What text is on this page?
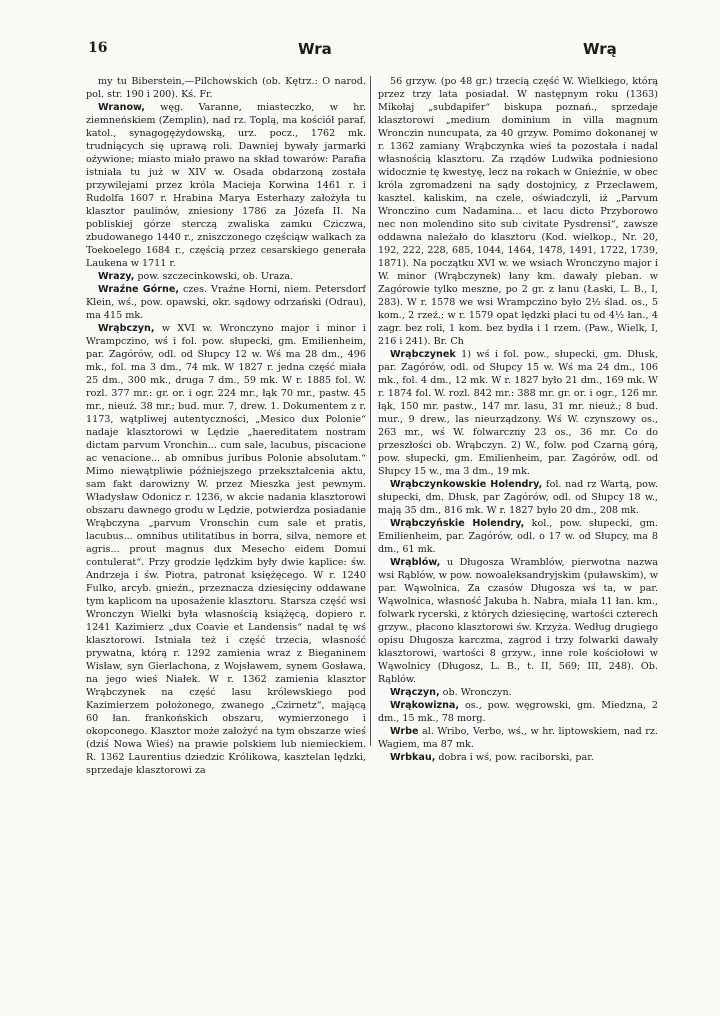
16	Wra	Wrą

my tu Biberstein,—Pilchowskich (ob. Kętrz.: O narod. pol. str. 190 i 200). Kś. Fr.

Wranow, węg. Varanne, miasteczko, w hr. ziemneńskiem (Zemplin), nad rz. Toplą, ma kościół paraf. katol., synagogężydowską, urz. pocz., 1762 mk. trudniących się uprawą roli. Dawniej bywały jarmarki ożywione; miasto miało prawo na skład towarów: Parafia istniała tu już w XIV w. Osada obdarzoną została przywilejami przez króla Macieja Korwina 1461 r. i Rudolfa 1607 r. Hrabina Marya Esterhazy założyła tu klasztor paulinów, zniesiony 1786 za Józefa II. Na pobliskiej górze sterczą zwaliska zamku Cziczwa, zbudowanego 1440 r., zniszczonego częściąw walkach za Toekoelego 1684 r., częścią przez cesarskiego generała Laukena w 1711 r.

Wrazy, pow. szczecinkowski, ob. Uraza.

Wraźne Górne, czes. Vraźne Horni, niem. Petersdorf Klein, wś., pow. opawski, okr. sądowy odrzański (Odrau), ma 415 mk.

Wrąbczyn, w XVI w. Wronczyno major i minor i Wrampczino, wś i fol. pow. słupecki, gm. Emilienheim, par. Zagórów, odl. od Słupcy 12 w. Wś ma 28 dm., 496 mk., fol. ma 3 dm., 74 mk. W 1827 r. jedna część miała 25 dm., 300 mk., druga 7 dm., 59 mk. W r. 1885 fol. W. rozl. 377 mr.: gr. or. i ogr. 224 mr., łąk 70 mr., pastw. 45 mr., nieuż. 38 mr.; bud. mur. 7, drew. 1. Dokumentem z r. 1173, wątpliwej autentyczności, „Mesico dux Polonie“ nadaje klasztorowi w Lędzie „haereditatem nostram dictam parvum Vronchin... cum sale, lacubus, piscacione ac venacione... ab omnibus juribus Polonie absolutam.“ Mimo niewątpliwie późniejszego przekształcenia aktu, sam fakt darowizny W. przez Mieszka jest pewnym. Władysław Odonicz r. 1236, w akcie nadania klasztorowi obszaru dawnego grodu w Lędzie, potwierdza posiadanie Wrąbczyna „parvum Vronschin cum sale et pratis, lacubus... omnibus utilitatibus in borra, silva, nemore et agris... prout magnus dux Mesecho eidem Domui contulerat“. Przy grodzie lędzkim były dwie kaplice: św. Andrzeja i św. Piotra, patronat księżęcego. W r. 1240 Fulko, arcyb. gnieźn., przeznacza dziesięciny oddawane tym kaplicom na uposażenie klasztoru. Starsza część wsi Wronczyn Wielki była własnością książęcą, dopiero r. 1241 Kazimierz „dux Coavie et Landensis“ nadał tę wś klasztorowi. Istniała też i część trzecia, własność prywatna, którą r. 1292 zamienia wraz z Bieganinem Wisław, syn Gierlachona, z Wojsławem, synem Gosława, na jego wieś Niałek. W r. 1362 zamienia klasztor Wrąbczynek na część lasu królewskiego pod Kazimierzem położonego, zwanego „Czirnetz“, mającą 60 łan. frankońskich obszaru, wymierzonego i okopconego. Klasztor może założyć na tym obszarze wieś (dziś Nowa Wieś) na prawie polskiem lub niemieckiem. R. 1362 Laurentius dziedzic Królikowa, kasztelan lędzki, sprzedaje klasztorowi za

56 grzyw. (po 48 gr.) trzecią część W. Wielkiego, którą przez trzy lata posiadał. W następnym roku (1363) Mikołaj „subdapifer“ biskupa poznań., sprzedaje klasztorowi „medium dominium in villa magnum Wronczin nuncupata, za 40 grzyw. Pomimo dokonanej w r. 1362 zamiany Wrąbczynka wieś ta pozostała i nadal własnością klasztoru. Za rządów Ludwika podniesiono widocznie tę kwestyę, lecz na rokach w Gnieźnie, w obec króla zgromadzeni na sądy dostojnicy, z Przecławem, kasztel. kaliskim, na czele, oświadczyli, iż „Parvum Wronczino cum Nadamina... et lacu dicto Przyborowo nec non molendino sito sub civitate Pysdrensi“, zawsze oddawna należało do klasztoru (Kod. wielkop., Nr. 20, 192, 222, 228, 685, 1044, 1464, 1478, 1491, 1722, 1739, 1871). Na początku XVI w. we wsiach Wronczyno major i W. minor (Wrąbczynek) łany km. dawały pleban. w Zagórowie tylko meszne, po 2 gr. z łanu (Łaski, L. B., I, 283). W r. 1578 we wsi Wrampczino było 2½ ślad. os., 5 kom., 2 rzeź.; w r. 1579 opat lędzki płaci tu od 4½ łan., 4 zagr. bez roli, 1 kom. bez bydła i 1 rzem. (Paw., Wielk, I, 216 i 241). Br. Ch

Wrąbczynek 1) wś i fol. pow., słupecki, gm. Dłusk, par. Zagórów, odl. od Słupcy 15 w. Wś ma 24 dm., 106 mk., fol. 4 dm., 12 mk. W r. 1827 było 21 dm., 169 mk. W r. 1874 fol. W. rozl. 842 mr.: 388 mr. gr. or. i ogr., 126 mr. łąk, 150 mr. pastw., 147 mr. lasu, 31 mr. nieuż.; 8 bud. mur., 9 drew., las nieurządzony. Wś W. czynszowy os., 263 mr., wś W. folwarczny 23 os., 36 mr. Co do przeszłości ob. Wrąbczyn. 2) W., folw. pod Czarną górą, pow. słupecki, gm. Emilienheim, par. Zagórów, odl. od Słupcy 15 w., ma 3 dm., 19 mk.

Wrąbczynkowskie Holendry, fol. nad rz Wartą, pow. słupecki, dm. Dłusk, par Zagórów, odl. od Słupcy 18 w., mają 35 dm., 816 mk. W r. 1827 było 20 dm., 208 mk.

Wrąbczyńskie Holendry, kol., pow. słupecki, gm. Emilienheim, par. Zagórów, odl. o 17 w. od Słupcy, ma 8 dm., 61 mk.

Wrąblów, u Długosza Wramblów, pierwotna nazwa wsi Rąblów, w pow. nowoaleksandryjskim (puławskim), w par. Wąwolnica. Za czasów Długosza wś ta, w par. Wąwolnica, własność Jakuba h. Nabra, miała 11 łan. km., folwark rycerski, z których dziesięcinę, wartości czterech grzyw., płacono klasztorowi św. Krzyża. Według drugiego opisu Długosza karczma, zagrod i trzy folwarki dawały klasztorowi, wartości 8 grzyw., inne role kościołowi w Wąwolnicy (Długosz, L. B., t. II, 569; III, 248). Ob. Rąblów.

Wrączyn, ob. Wronczyn.

Wrąkowizna, os., pow. węgrowski, gm. Miedzna, 2 dm., 15 mk., 78 morg.

Wrbe al. Wribo, Verbo, wś., w hr. liptowskiem, nad rz. Wagiem, ma 87 mk.

Wrbkau, dobra i wś, pow. raciborski, par.
